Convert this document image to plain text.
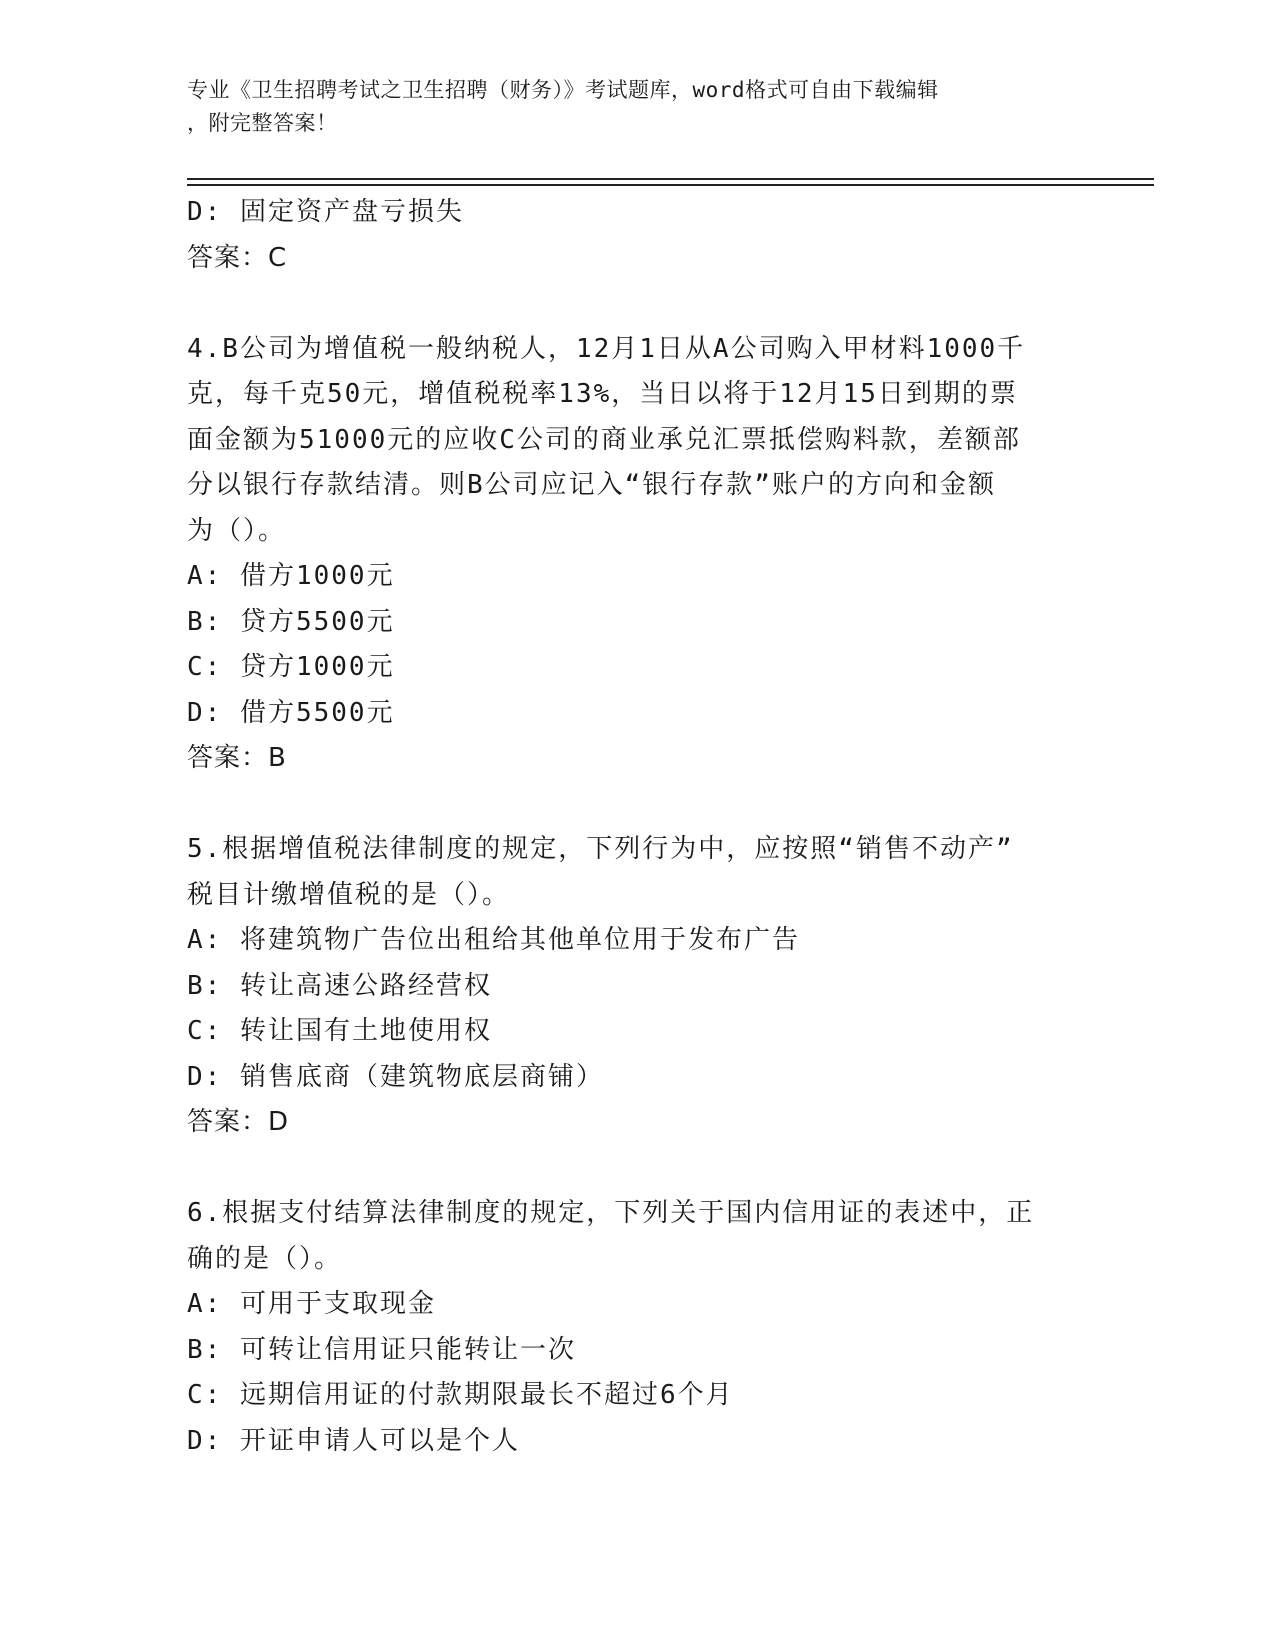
专业《卫生招聘考试之卫生招聘（财务）》考试题库，word格式可自由下载编辑
，附完整答案！
D: 固定资产盘亏损失
答案：C
4.B公司为增值税一般纳税人，12月1日从A公司购入甲材料1000千
克，每千克50元，增值税税率13%，当日以将于12月15日到期的票
面金额为51000元的应收C公司的商业承兑汇票抵偿购料款，差额部
分以银行存款结清。则B公司应记入“银行存款”账户的方向和金额
为（）。
A: 借方1000元
B: 贷方5500元
C: 贷方1000元
D: 借方5500元
答案：B
5.根据增值税法律制度的规定，下列行为中，应按照“销售不动产”
税目计缴增值税的是（）。
A: 将建筑物广告位出租给其他单位用于发布广告
B: 转让高速公路经营权
C: 转让国有土地使用权
D: 销售底商（建筑物底层商铺）
答案：D
6.根据支付结算法律制度的规定，下列关于国内信用证的表述中，正
确的是（）。
A: 可用于支取现金
B: 可转让信用证只能转让一次
C: 远期信用证的付款期限最长不超过6个月
D: 开证申请人可以是个人
